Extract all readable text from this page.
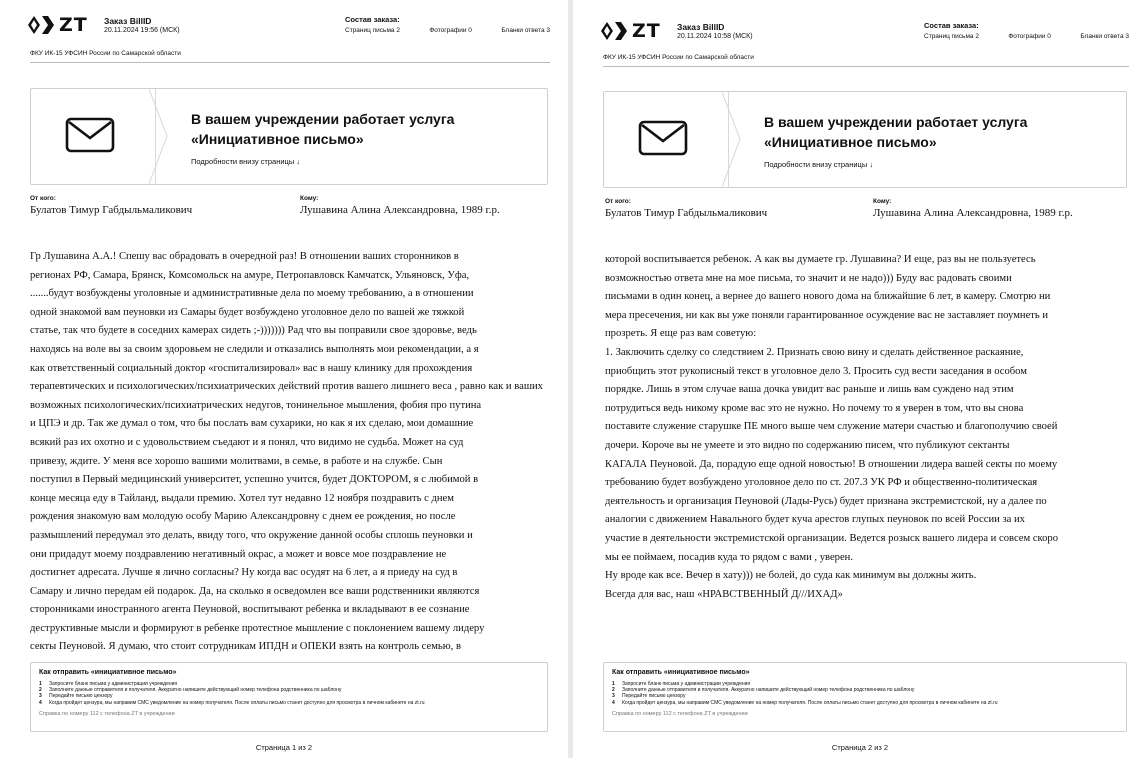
ZT Заказ BillID
20.11.2024 19:56 (МСК)
Состав заказа:
Страниц письма 2	Фотографии 0	Бланки ответа 3
ФКУ ИК-15 УФСИН России по Самарской области
В вашем учреждении работает услуга
«Инициативное письмо»
Подробности внизу страницы ↓
От кого:
Булатов Тимур Габдыльмаликович
Кому:
Лушавина Алина Александровна, 1989 г.р.
Гр Лушавина А.А.! Спешу вас обрадовать в очередной раз! В отношении ваших сторонников в
регионах РФ, Самара, Брянск, Комсомольск на амуре, Петропавловск Камчатск, Ульяновск, Уфа,
.......будут возбуждены уголовные и административные дела по моему требованию, а в отношении
одной знакомой вам пеуновки из Самары будет возбуждено уголовное дело по вашей же тяжкой
статье, так что будете в соседних камерах сидеть ;-))))))) Рад что вы поправили свое здоровье, ведь
находясь на воле вы за своим здоровьем не следили и отказались выполнять мои рекомендации, а я
как ответственный социальный доктор «госпитализировал» вас в нашу клинику для прохождения
терапевтических и психологических/психиатрических действий против вашего лишнего веса , равно как и ваших
возможных психологических/психиатрических недугов, тонинельное мышления, фобия про путина
и ЦПЭ и др. Так же думал о том, что бы послать вам сухарики, но как я их сделаю, мои домашние
всякий раз их охотно и с удовольствием съедают и я понял, что видимо не судьба. Может на суд
привезу, ждите. У меня все хорошо вашими молитвами, в семье, в работе и на службе. Сын
поступил в Первый медицинский университет, успешно учится, будет ДОКТОРОМ, я с любимой в
конце месяца еду в Тайланд, выдали премию. Хотел тут недавно 12 ноября поздравить с днем
рождения знакомую вам молодую особу Марию Александровну с днем ее рождения, но после
размышлений передумал это делать, ввиду того, что окружение данной особы сплошь пеуновки и
они придадут моему поздравлению негативный окрас, а может и вовсе мое поздравление не
достигнет адресата. Лучше я лично согласны? Ну когда вас осудят на 6 лет, а я приеду на суд в
Самару и лично передам ей подарок. Да, на сколько я осведомлен все ваши родственники являются
сторонниками иностранного агента Пеуновой, воспитывают ребенка и вкладывают в ее сознание
деструктивные мысли и формируют в ребенке протестное мышление с поклонением вашему лидеру
секты Пеуновой. Я думаю, что стоит сотрудникам ИПДН и ОПЕКИ взять на контроль семью, в
Как отправить «инициативное письмо»
1	Запросите бланк письма у администрации учреждения
2	Заполните данные отправителя и получателя. Аккуратно напишите действующий номер телефона родственника по шаблону
3	Передайте письмо цензору
4	Когда пройдет цензура, мы направим СМС уведомление на номер получателя. После оплаты письмо станет доступно для просмотра в личном кабинете на zt.ru
Справка по номеру 112 с телефона ZT в учреждении
Страница 1 из 2
ZT Заказ BillID
20.11.2024 10:58 (МСК)
Состав заказа:
Страниц письма 2	Фотографии 0	Бланки ответа 3
ФКУ ИК-15 УФСИН России по Самарской области
В вашем учреждении работает услуга
«Инициативное письмо»
Подробности внизу страницы ↓
От кого:
Булатов Тимур Габдыльмаликович
Кому:
Лушавина Алина Александровна, 1989 г.р.
которой воспитывается ребенок. А как вы думаете гр. Лушавина? И еще, раз вы не пользуетесь
возможностью ответа мне на мое письма, то значит и не надо))) Буду вас радовать своими
письмами в один конец, а вернее до вашего нового дома на ближайшие 6 лет, в камеру. Смотрю ни
мера пресечения, ни как вы уже поняли гарантированное осуждение вас не заставляет поумнеть и
прозреть. Я еще раз вам советую:
1. Заключить сделку со следствием 2. Признать свою вину и сделать действенное раскаяние,
приобщить этот рукописный текст в уголовное дело 3. Просить суд вести заседания в особом
порядке. Лишь в этом случае ваша дочка увидит вас раньше и лишь вам суждено над этим
потрудиться ведь никому кроме вас это не нужно. Но почему то я уверен в том, что вы снова
поставите служение старушке ПЕ много выше чем служение матери счастью и благополучию своей
дочери. Короче вы не умеете и это видно по содержанию писем, что публикуют сектанты
КАГАЛА Пеуновой. Да, порадую еще одной новостью! В отношении лидера вашей секты по моему
требованию будет возбуждено уголовное дело по ст. 207.3 УК РФ и общественно-политическая
деятельность и организация Пеуновой (Лады-Русь) будет признана экстремистской, ну а далее по
аналогии с движением Навального будет куча арестов глупых пеуновок по всей России за их
участие в деятельности экстремистской организации. Ведется розыск вашего лидера и совсем скоро
мы ее поймаем, посадив куда то рядом с вами , уверен.
Ну вроде как все. Вечер в хату))) не болей, до суда как минимум вы должны жить.
Всегда для вас, наш «НРАВСТВЕННЫЙ Д///ИХАД»
Как отправить «инициативное письмо»
1	Запросите бланк письма у администрации учреждения
2	Заполните данные отправителя и получателя. Аккуратно напишите действующий номер телефона родственника по шаблону
3	Передайте письмо цензору
4	Когда пройдет цензура, мы направим СМС уведомление на номер получателя. После оплаты письмо станет доступно для просмотра в личном кабинете на zt.ru
Справка по номеру 112 с телефона ZT в учреждении
Страница 2 из 2
